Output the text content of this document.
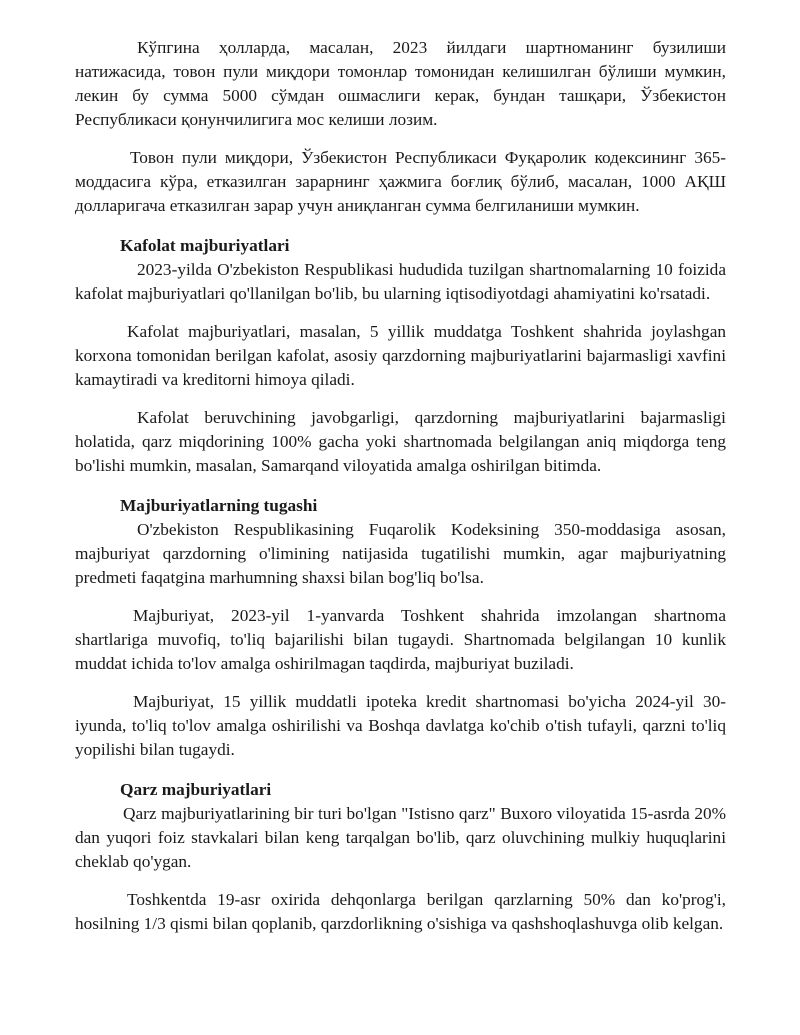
Кўпгина ҳолларда, масалан, 2023 йилдаги шартноманинг бузилиши натижасида, товон пули миқдори томонлар томонидан келишилган бўлиши мумкин, лекин бу сумма 5000 сўмдан ошмаслиги керак, бундан ташқари, Ўзбекистон Республикаси қонунчилигига мос келиши лозим.

Товон пули миқдори, Ўзбекистон Республикаси Фуқаролик кодексининг 365-моддасига кўра, етказилган зарарнинг ҳажмига боғлиқ бўлиб, масалан, 1000 АҚШ долларигача етказилган зарар учун аниқланган сумма белгиланиши мумкин.

Kafolat majburiyatlari

2023-yilda O'zbekiston Respublikasi hududida tuzilgan shartnomalarning 10 foizida kafolat majburiyatlari qo'llanilgan bo'lib, bu ularning iqtisodiyotdagi ahamiyatini ko'rsatadi.

Kafolat majburiyatlari, masalan, 5 yillik muddatga Toshkent shahrida joylashgan korxona tomonidan berilgan kafolat, asosiy qarzdorning majburiyatlarini bajarmasligi xavfini kamaytiradi va kreditorni himoya qiladi.

Kafolat beruvchining javobgarligi, qarzdorning majburiyatlarini bajarmasligi holatida, qarz miqdorining 100% gacha yoki shartnomada belgilangan aniq miqdorga teng bo'lishi mumkin, masalan, Samarqand viloyatida amalga oshirilgan bitimda.

Majburiyatlarning tugashi

O'zbekiston Respublikasining Fuqarolik Kodeksining 350-moddasiga asosan, majburiyat qarzdorning o'limining natijasida tugatilishi mumkin, agar majburiyatning predmeti faqatgina marhumning shaxsi bilan bog'liq bo'lsa.

Majburiyat, 2023-yil 1-yanvarda Toshkent shahrida imzolangan shartnoma shartlariga muvofiq, to'liq bajarilishi bilan tugaydi. Shartnomada belgilangan 10 kunlik muddat ichida to'lov amalga oshirilmagan taqdirda, majburiyat buziladi.

Majburiyat, 15 yillik muddatli ipoteka kredit shartnomasi bo'yicha 2024-yil 30-iyunda, to'liq to'lov amalga oshirilishi va Boshqa davlatga ko'chib o'tish tufayli, qarzni to'liq yopilishi bilan tugaydi.

Qarz majburiyatlari

Qarz majburiyatlarining bir turi bo'lgan "Istisno qarz" Buxoro viloyatida 15-asrda 20% dan yuqori foiz stavkalari bilan keng tarqalgan bo'lib, qarz oluvchining mulkiy huquqlarini cheklab qo'ygan.

Toshkentda 19-asr oxirida dehqonlarga berilgan qarzlarning 50% dan ko'prog'i, hosilning 1/3 qismi bilan qoplanib, qarzdorlikning o'sishiga va qashshoqlashuvga olib kelgan.
